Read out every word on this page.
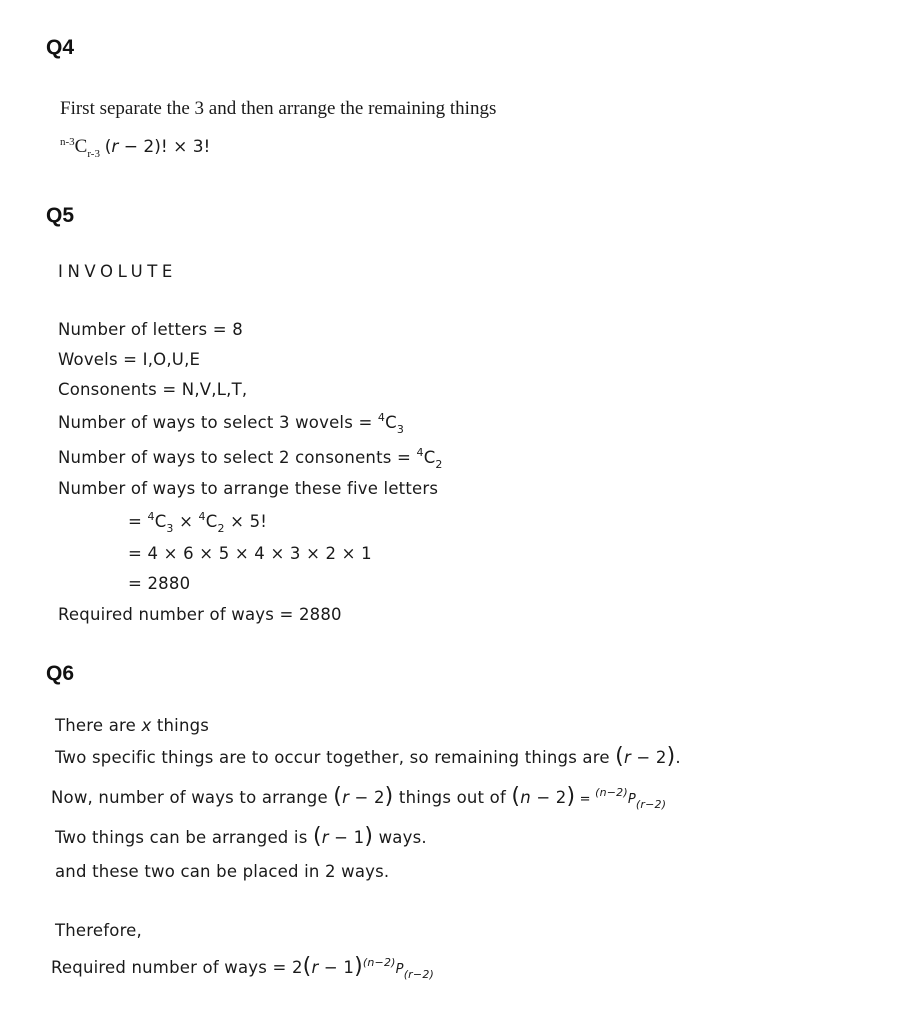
Q4
First separate the 3 and then arrange the remaining things
$^{n-3}C_{r-3}$ (r − 2)! × 3!
Q5
INVOLUTE
Number of letters = 8
Wovels = I,O,U,E
Consonents = N,V,L,T,
Number of ways to select 3 wovels = $^4C_3$
Number of ways to select 2 consonents = $^4C_2$
Number of ways to arrange these five letters
= $^4C_3 \times ^4C_2 \times 5$!
= 4 × 6 × 5 × 4 × 3 × 2 × 1
= 2880
Required number of ways = 2880
Q6
There are x things
Two specific things are to occur together, so remaining things are (r − 2).
Now, number of ways to arrange (r − 2) things out of $(n - 2) = ^{(n-2)}P_{(r-2)}$
Two things can be arranged is (r − 1) ways.
and these two can be placed in 2 ways.
Therefore,
Required number of ways = $2(r - 1)^{(n-2)}P_{(r-2)}$
